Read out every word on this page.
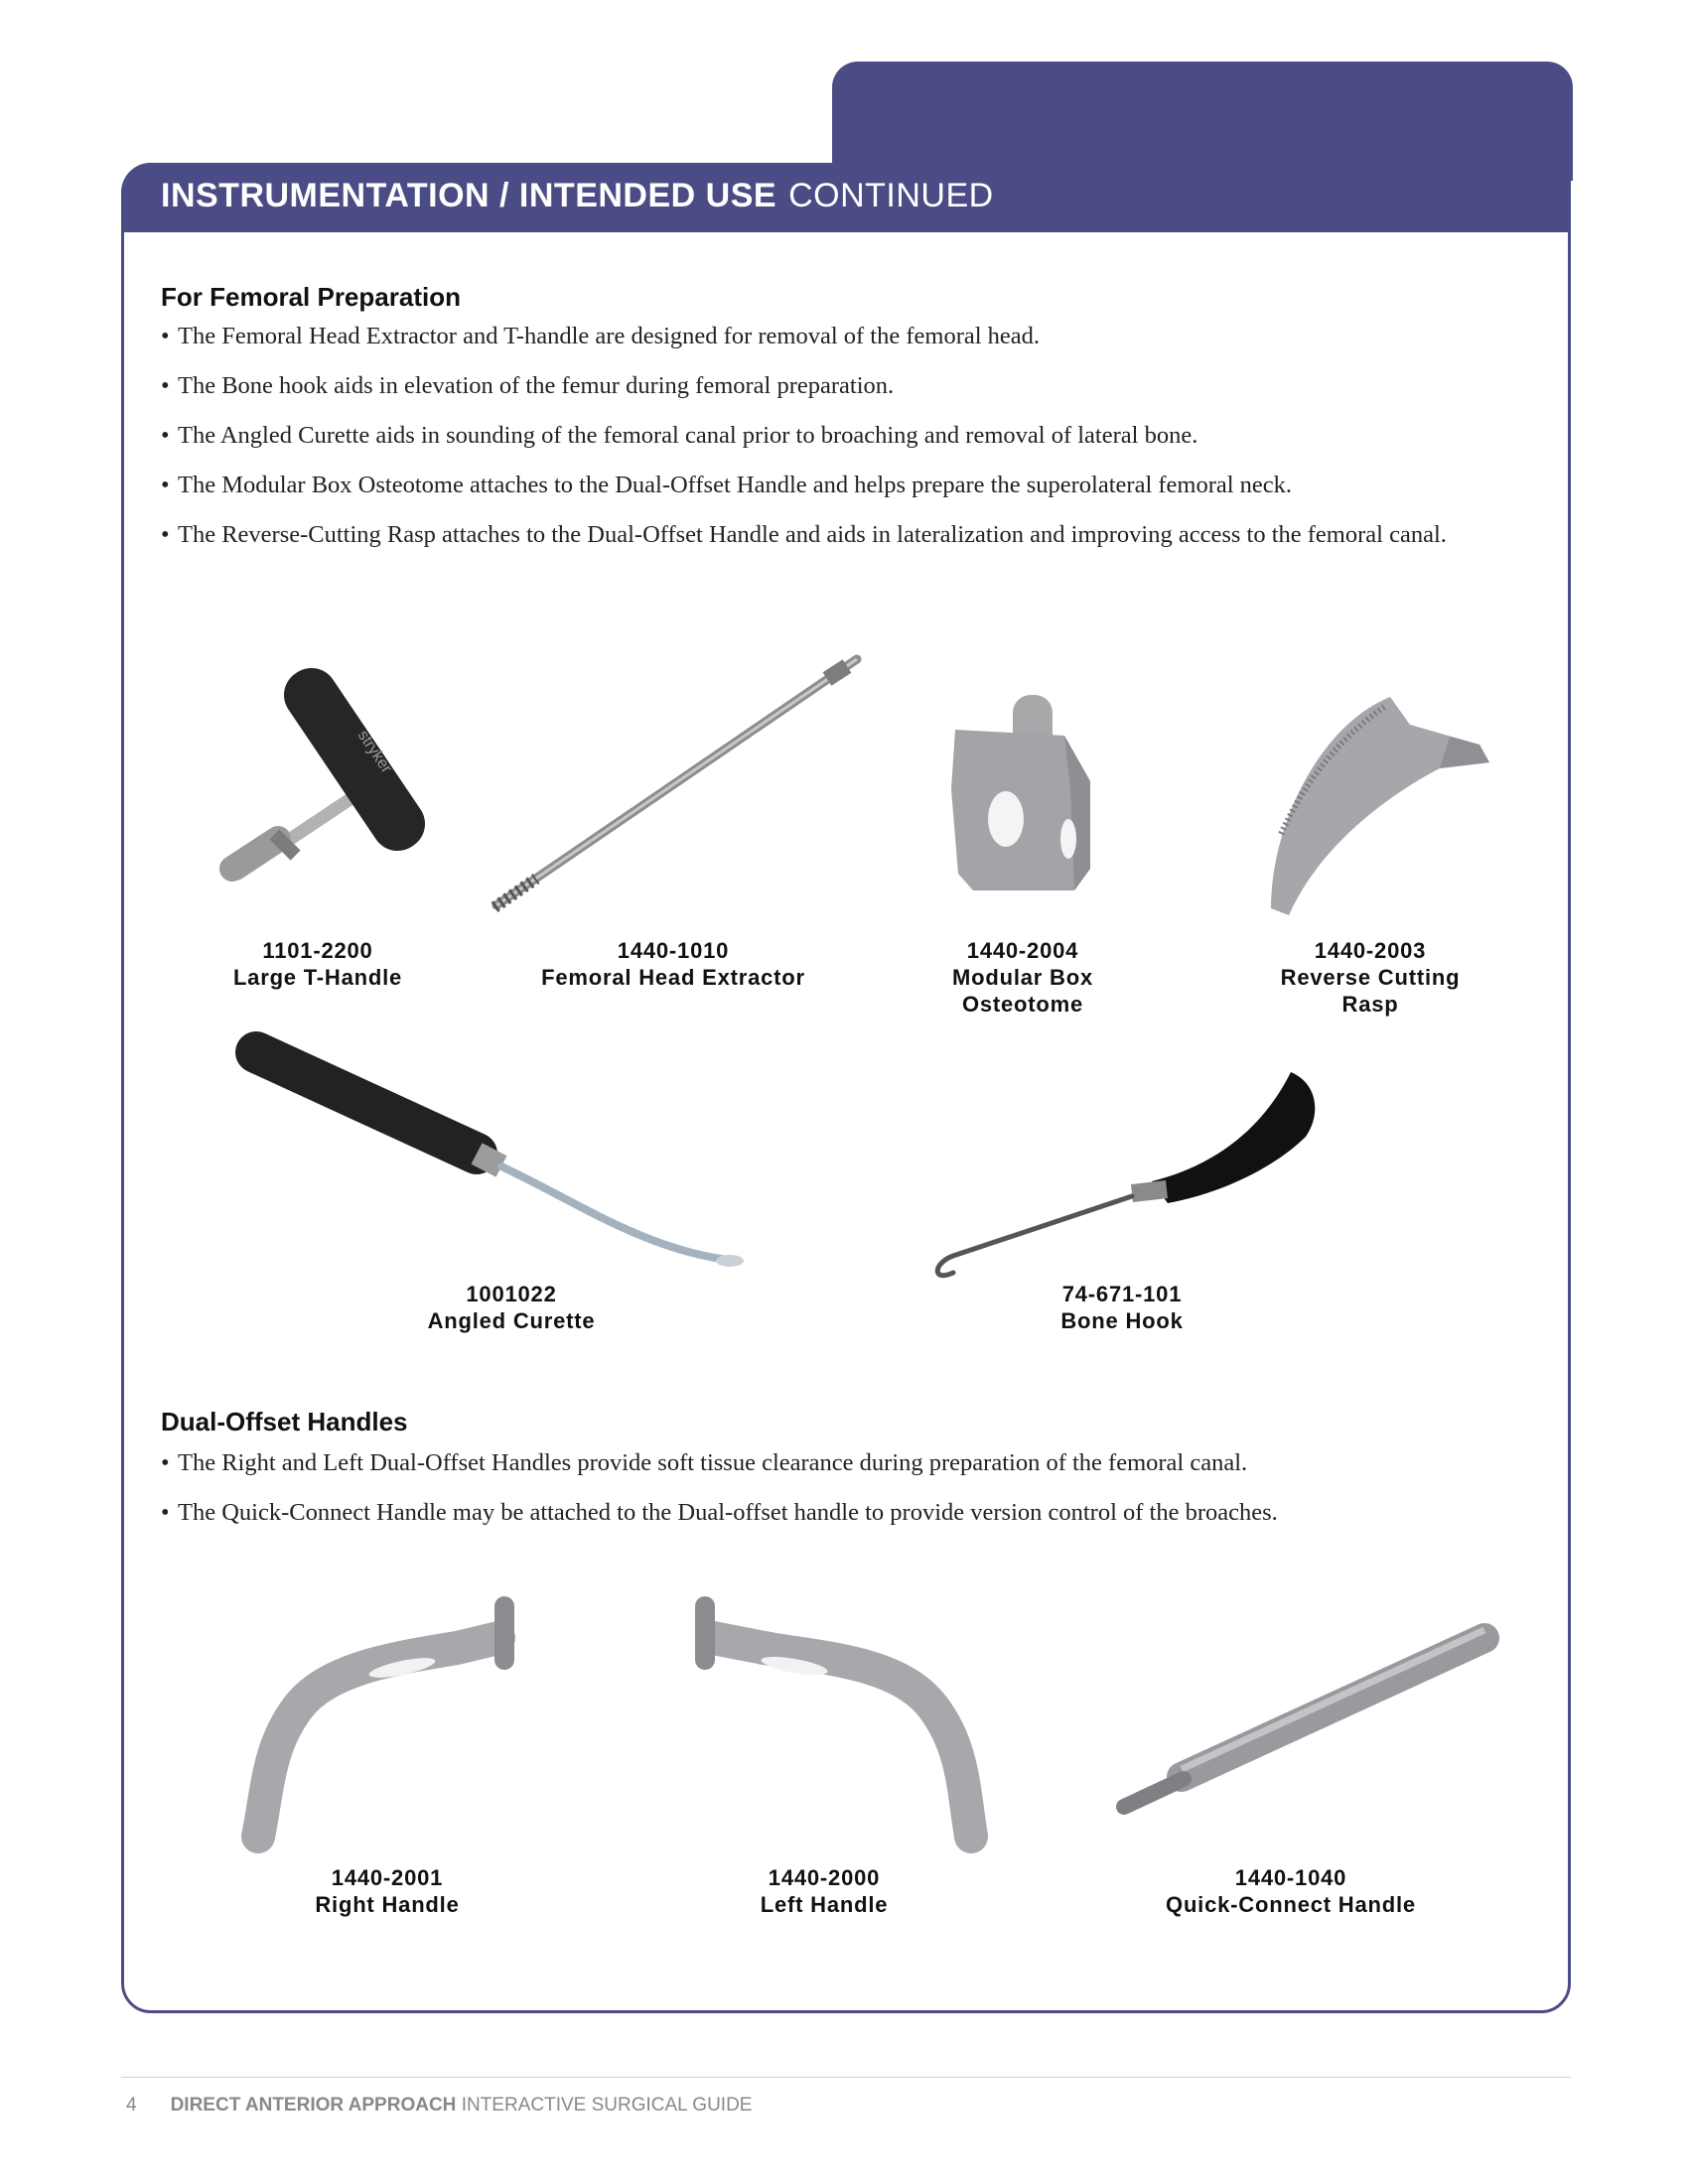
INSTRUMENTATION / INTENDED USE CONTINUED
For Femoral Preparation
• The Femoral Head Extractor and T-handle are designed for removal of the femoral head.
• The Bone hook aids in elevation of the femur during femoral preparation.
• The Angled Curette aids in sounding of the femoral canal prior to broaching and removal of lateral bone.
• The Modular Box Osteotome attaches to the Dual-Offset Handle and helps prepare the superolateral femoral neck.
• The Reverse-Cutting Rasp attaches to the Dual-Offset Handle and aids in lateralization and improving access to the femoral canal.
stryker
1101-2200
Large T-Handle
1440-1010
Femoral Head Extractor
1440-2004
Modular Box
Osteotome
1440-2003
Reverse Cutting
Rasp
1001022
Angled Curette
74-671-101
Bone Hook
Dual-Offset Handles
• The Right and Left Dual-Offset Handles provide soft tissue clearance during preparation of the femoral canal.
• The Quick-Connect Handle may be attached to the Dual-offset handle to provide version control of the broaches.
1440-2001
Right Handle
1440-2000
Left Handle
1440-1040
Quick-Connect Handle
4 DIRECT ANTERIOR APPROACH INTERACTIVE SURGICAL GUIDE
